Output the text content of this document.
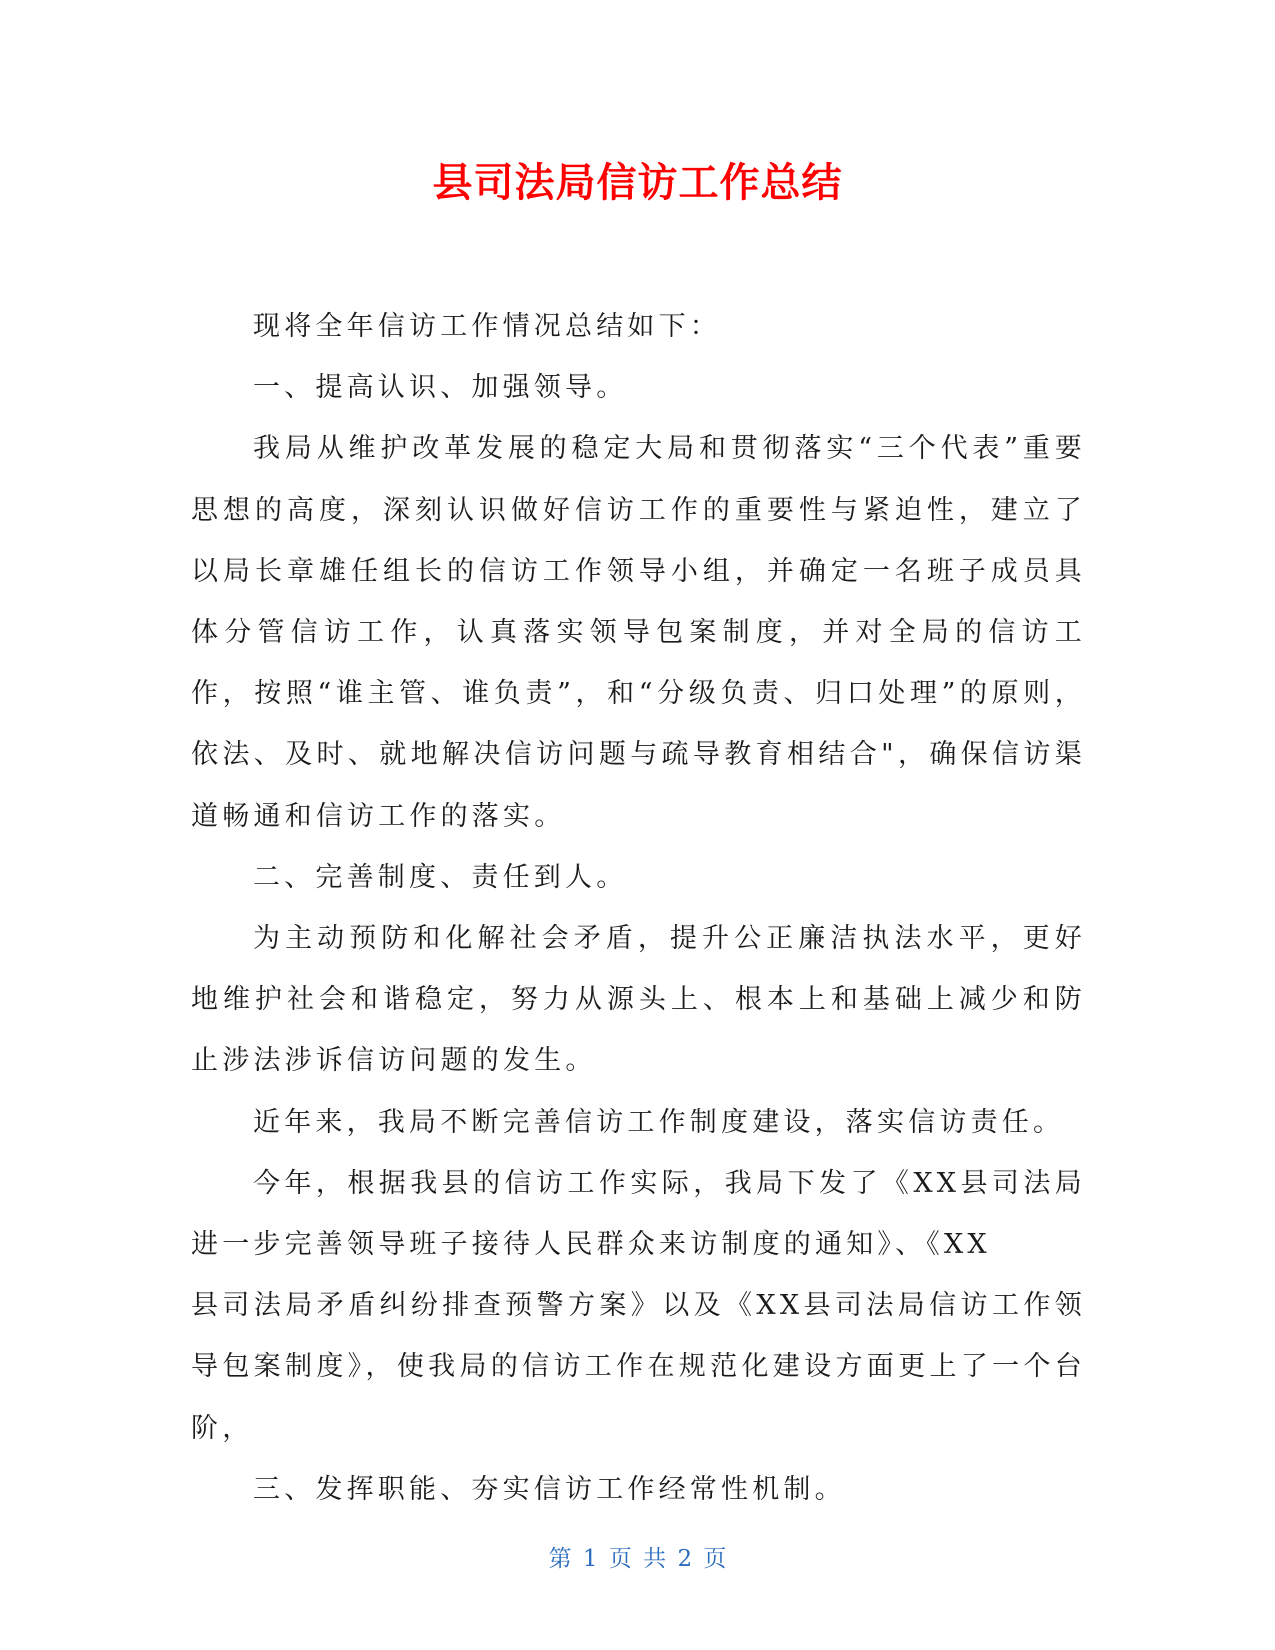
县司法局信访工作总结

现将全年信访工作情况总结如下：

一、提高认识、加强领导。

我局从维护改革发展的稳定大局和贯彻落实“三个代表”重要思想的高度，深刻认识做好信访工作的重要性与紧迫性，建立了以局长章雄任组长的信访工作领导小组，并确定一名班子成员具体分管信访工作，认真落实领导包案制度，并对全局的信访工作，按照“谁主管、谁负责”，和“分级负责、归口处理”的原则，依法、及时、就地解决信访问题与疏导教育相结合"，确保信访渠道畅通和信访工作的落实。

二、完善制度、责任到人。

为主动预防和化解社会矛盾，提升公正廉洁执法水平，更好地维护社会和谐稳定，努力从源头上、根本上和基础上减少和防止涉法涉诉信访问题的发生。

近年来，我局不断完善信访工作制度建设，落实信访责任。

今年，根据我县的信访工作实际，我局下发了《XX县司法局进一步完善领导班子接待人民群众来访制度的通知》、《XX

县司法局矛盾纠纷排查预警方案》以及《XX县司法局信访工作领导包案制度》，使我局的信访工作在规范化建设方面更上了一个台阶，

三、发挥职能、夯实信访工作经常性机制。

第 1 页 共 2 页
